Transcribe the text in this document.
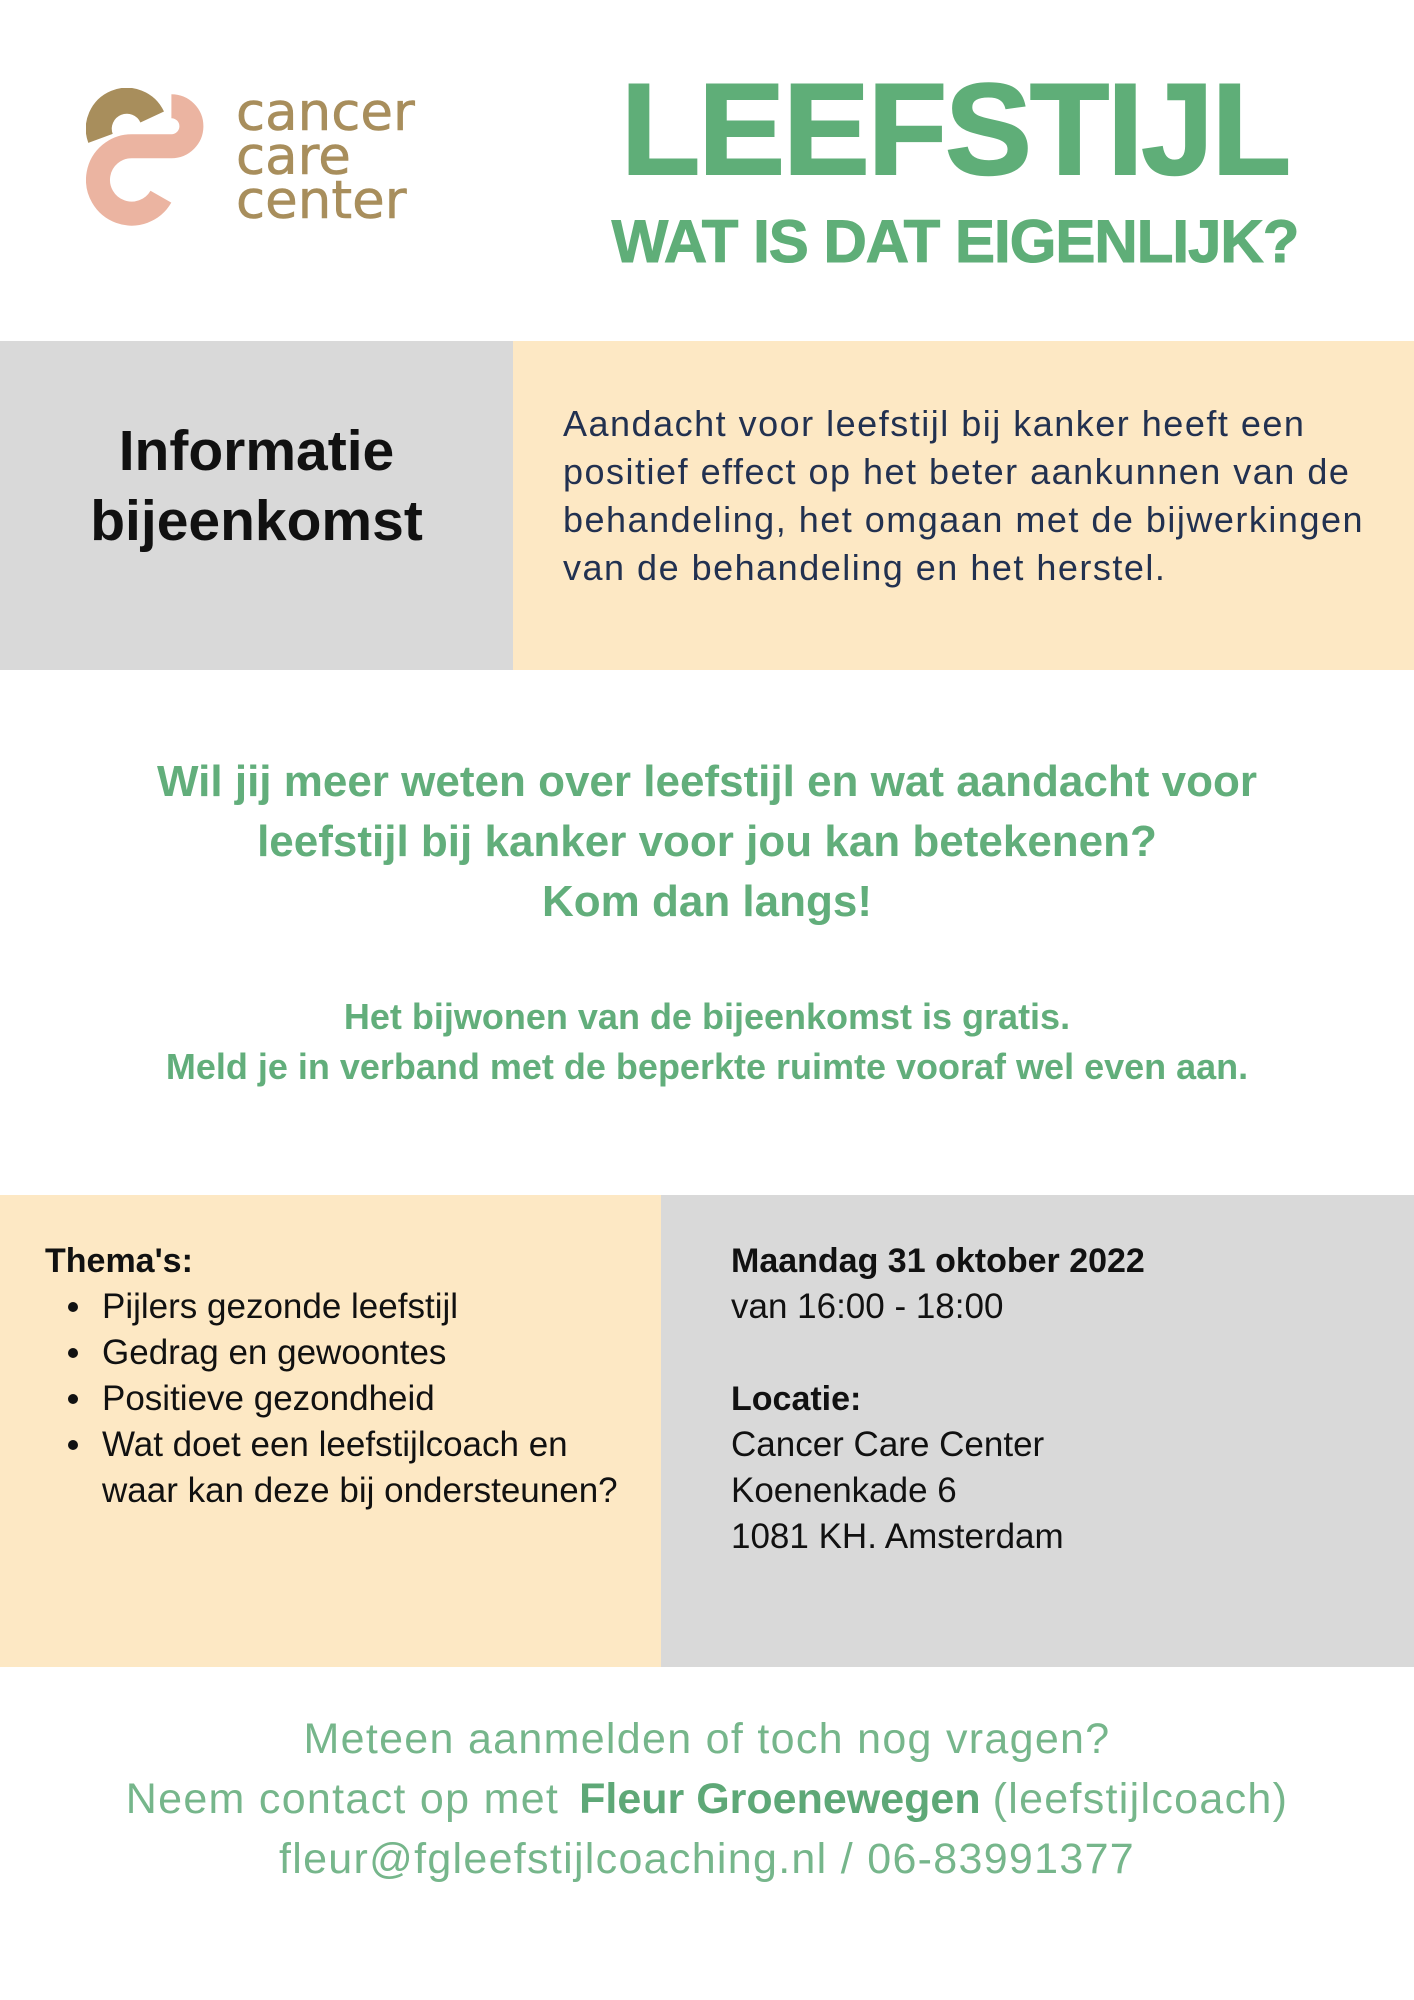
cancer
care
center	LEEFSTIJL
WAT IS DAT EIGENLIJK?
Informatie
bijeenkomst
Aandacht voor leefstijl bij kanker heeft een
positief effect op het beter aankunnen van de
behandeling, het omgaan met de bijwerkingen
van de behandeling en het herstel.
Wil jij meer weten over leefstijl en wat aandacht voor
leefstijl bij kanker voor jou kan betekenen?
Kom dan langs!
Het bijwonen van de bijeenkomst is gratis.
Meld je in verband met de beperkte ruimte vooraf wel even aan.
Thema's:
Pijlers gezonde leefstijl
Gedrag en gewoontes
Positieve gezondheid
Wat doet een leefstijlcoach en waar kan deze bij ondersteunen?
Maandag 31 oktober 2022
van 16:00 - 18:00
Locatie:
Cancer Care Center
Koenenkade 6
1081 KH. Amsterdam
Meteen aanmelden of toch nog vragen?
Neem contact op met Fleur Groenewegen (leefstijlcoach)
fleur@fgleefstijlcoaching.nl / 06-83991377
